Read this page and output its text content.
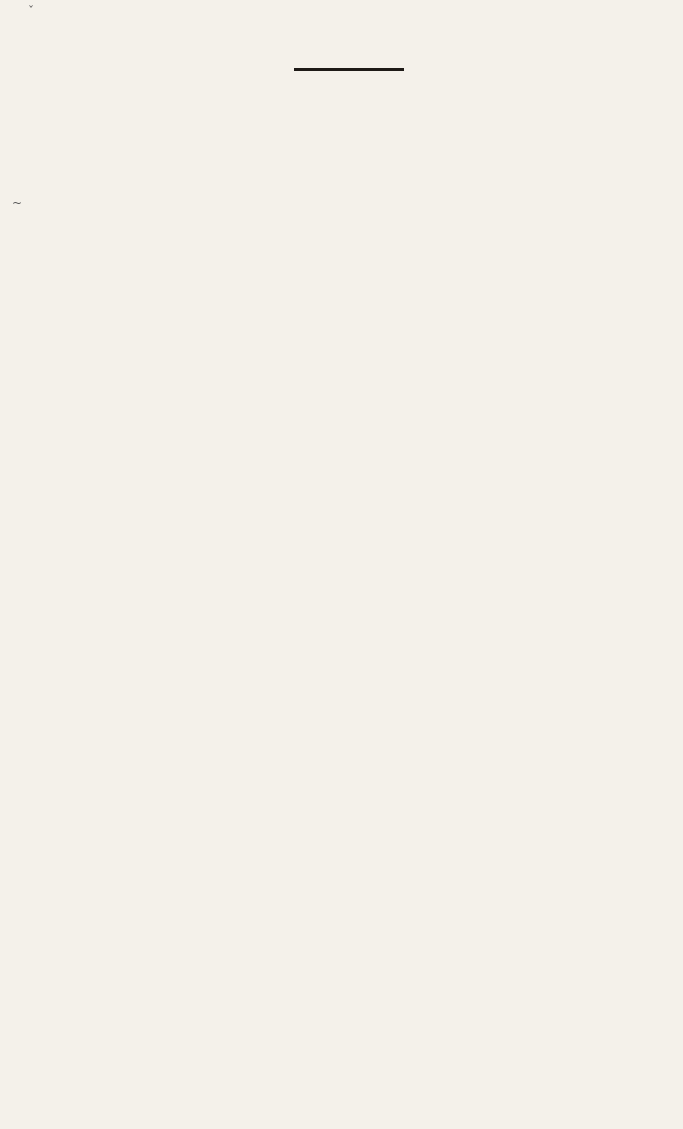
ˇ
~
